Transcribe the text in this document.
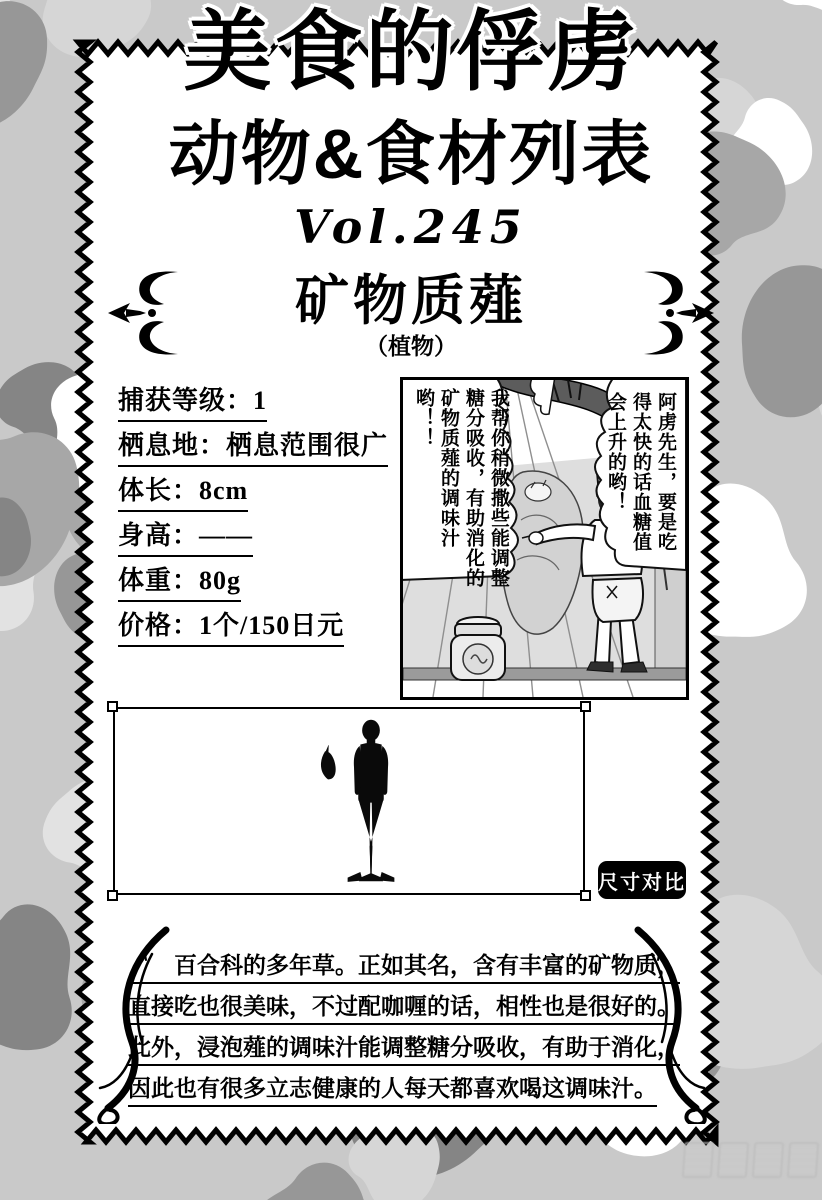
美食的俘虏
动物&食材列表
Vol.245
矿物质薤
（植物）
捕获等级：1
栖息地：栖息范围很广
体长：8cm
身高：——
体重：80g
价格：1个/150日元
阿虏先生，要是吃得太快的话血糖值会上升的哟！
我帮你稍微撒些能调整糖分吸收，有助消化的矿物质薤的调味汁哟！！
尺寸对比
　　百合科的多年草。正如其名，含有丰富的矿物质，
直接吃也很美味，不过配咖喱的话，相性也是很好的。
此外，浸泡薤的调味汁能调整糖分吸收，有助于消化，
因此也有很多立志健康的人每天都喜欢喝这调味汁。
